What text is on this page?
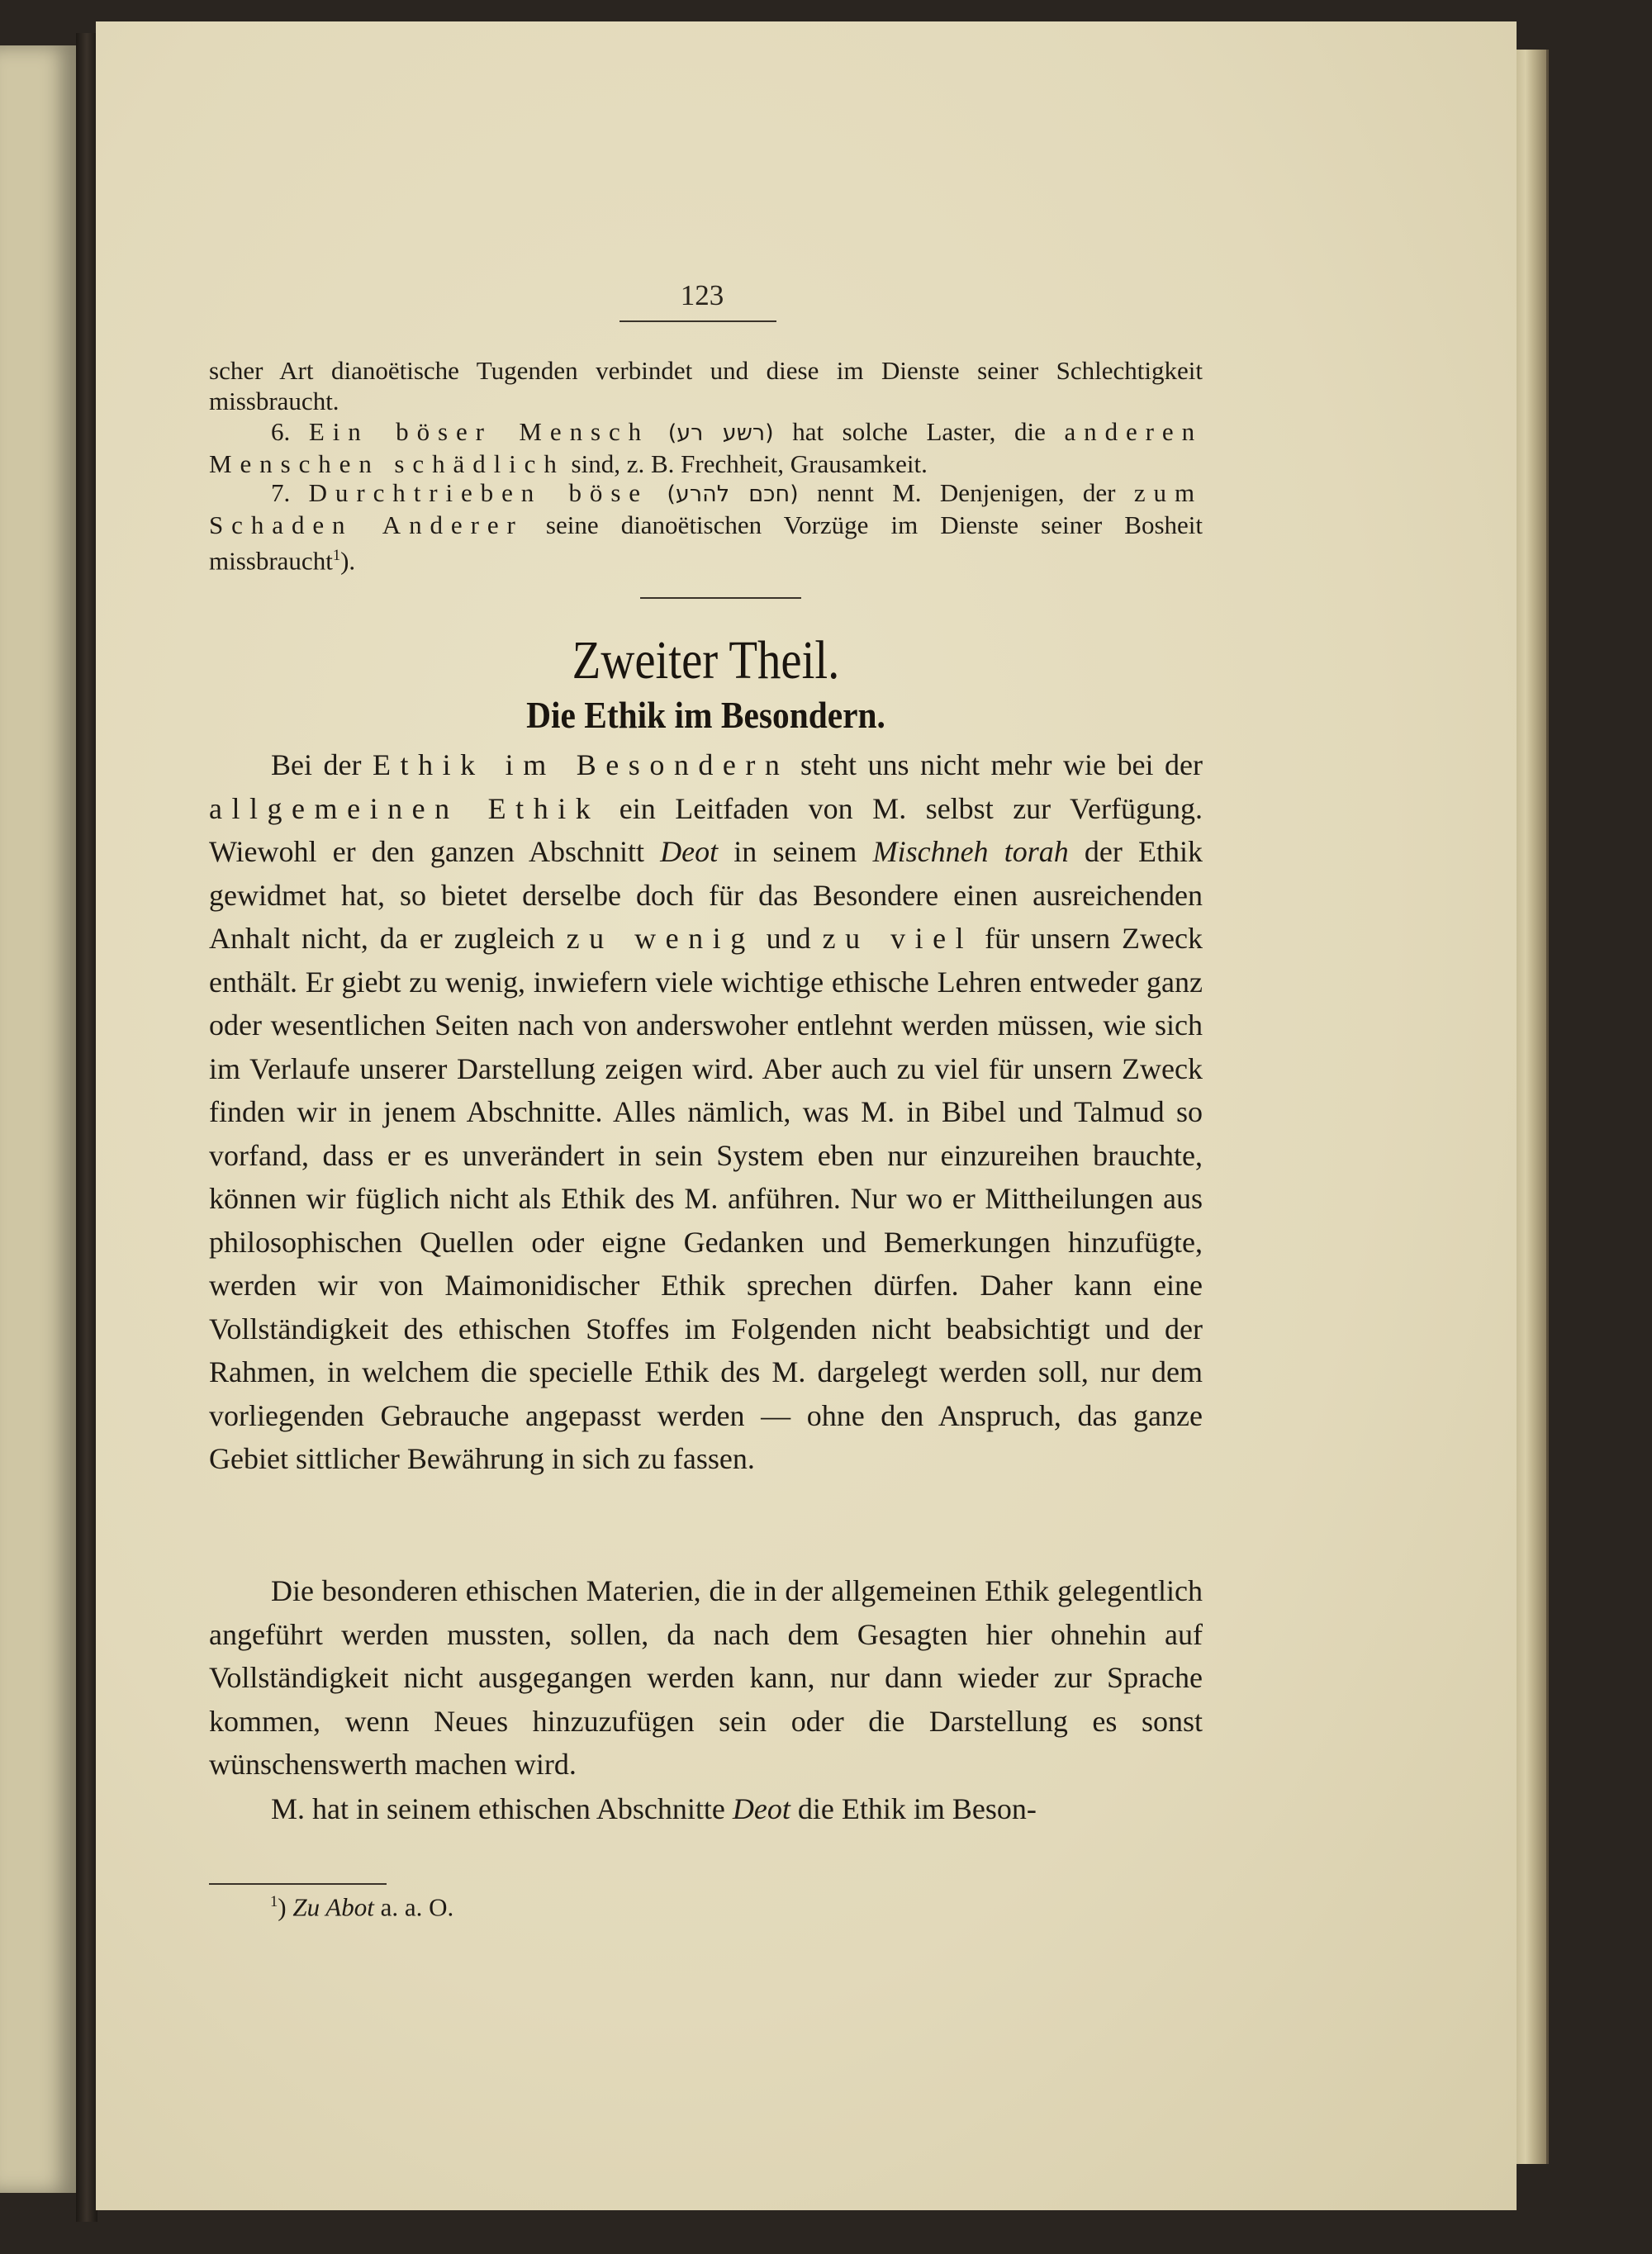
123
scher Art dianoëtische Tugenden verbindet und diese im Dienste seiner Schlechtigkeit missbraucht.
6. Ein böser Mensch (רשע רע) hat solche Laster, die anderen Menschen schädlich sind, z. B. Frechheit, Grausamkeit.
7. Durchtrieben böse (חכם להרע) nennt M. Denjenigen, der zum Schaden Anderer seine dianoëtischen Vorzüge im Dienste seiner Bosheit missbraucht$^1$).
Zweiter Theil.
Die Ethik im Besondern.
Bei der Ethik im Besondern steht uns nicht mehr wie bei der allgemeinen Ethik ein Leitfaden von M. selbst zur Verfügung. Wiewohl er den ganzen Abschnitt Deot in seinem Mischneh torah der Ethik gewidmet hat, so bietet derselbe doch für das Besondere einen ausreichenden Anhalt nicht, da er zugleich zu wenig und zu viel für unsern Zweck enthält. Er giebt zu wenig, inwiefern viele wichtige ethische Lehren entweder ganz oder wesentlichen Seiten nach von anderswoher entlehnt werden müssen, wie sich im Verlaufe unserer Darstellung zeigen wird. Aber auch zu viel für unsern Zweck finden wir in jenem Abschnitte. Alles nämlich, was M. in Bibel und Talmud so vorfand, dass er es unverändert in sein System eben nur einzureihen brauchte, können wir füglich nicht als Ethik des M. anführen. Nur wo er Mittheilungen aus philosophischen Quellen oder eigne Gedanken und Bemerkungen hinzufügte, werden wir von Maimonidischer Ethik sprechen dürfen. Daher kann eine Vollständigkeit des ethischen Stoffes im Folgenden nicht beabsichtigt und der Rahmen, in welchem die specielle Ethik des M. dargelegt werden soll, nur dem vorliegenden Gebrauche angepasst werden — ohne den Anspruch, das ganze Gebiet sittlicher Bewährung in sich zu fassen.
Die besonderen ethischen Materien, die in der allgemeinen Ethik gelegentlich angeführt werden mussten, sollen, da nach dem Gesagten hier ohnehin auf Vollständigkeit nicht ausgegangen werden kann, nur dann wieder zur Sprache kommen, wenn Neues hinzuzufügen sein oder die Darstellung es sonst wünschenswerth machen wird.
M. hat in seinem ethischen Abschnitte Deot die Ethik im Beson-
$^1$) Zu Abot a. a. O.
